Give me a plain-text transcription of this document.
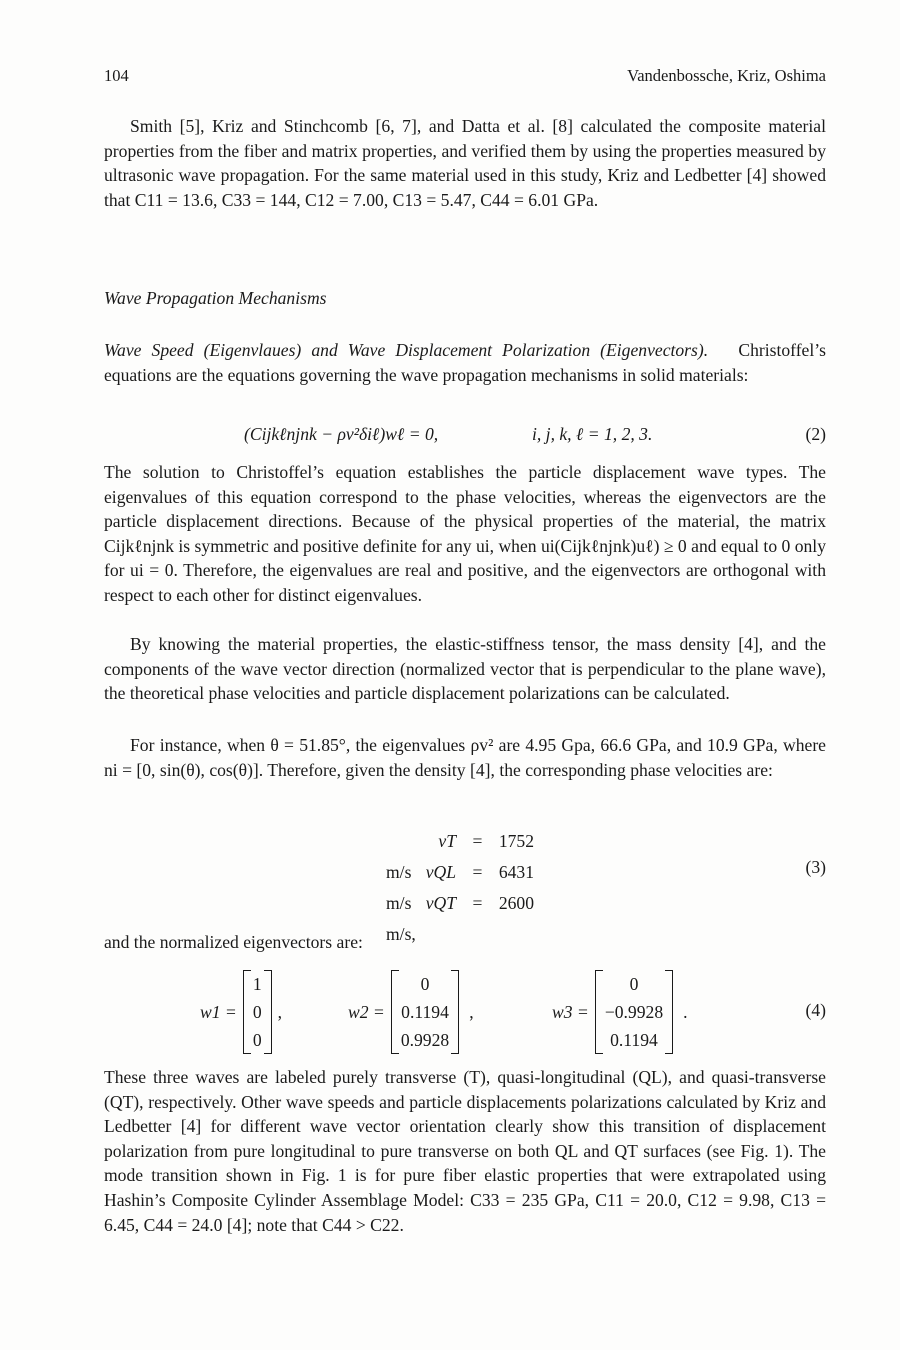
104	Vandenbossche, Kriz, Oshima

Smith [5], Kriz and Stinchcomb [6, 7], and Datta et al. [8] calculated the composite material properties from the fiber and matrix properties, and verified them by using the properties measured by ultrasonic wave propagation. For the same material used in this study, Kriz and Ledbetter [4] showed that C11 = 13.6, C33 = 144, C12 = 7.00, C13 = 5.47, C44 = 6.01 GPa.

Wave Propagation Mechanisms

Wave Speed (Eigenvlaues) and Wave Displacement Polarization (Eigenvectors). Christoffel’s equations are the equations governing the wave propagation mechanisms in solid materials:

(Cijkℓnjnk − ρv²δiℓ)wℓ = 0,	i, j, k, ℓ = 1, 2, 3.	(2)

The solution to Christoffel’s equation establishes the particle displacement wave types. The eigenvalues of this equation correspond to the phase velocities, whereas the eigenvectors are the particle displacement directions. Because of the physical properties of the material, the matrix Cijkℓnjnk is symmetric and positive definite for any ui, when ui(Cijkℓnjnk)uℓ) ≥ 0 and equal to 0 only for ui = 0. Therefore, the eigenvalues are real and positive, and the eigenvectors are orthogonal with respect to each other for distinct eigenvalues.

By knowing the material properties, the elastic-stiffness tensor, the mass density [4], and the components of the wave vector direction (normalized vector that is perpendicular to the plane wave), the theoretical phase velocities and particle displacement polarizations can be calculated.

For instance, when θ = 51.85°, the eigenvalues ρv² are 4.95 Gpa, 66.6 GPa, and 10.9 GPa, where ni = [0, sin(θ), cos(θ)]. Therefore, given the density [4], the corresponding phase velocities are:

vT = 1752 m/s vQL = 6431 m/s vQT = 2600 m/s,
(3)

and the normalized eigenvectors are:

w1 =
1
0
0
,	w2 =
0
0.1194
0.9928
,	w3 =
0
−0.9928
0.1194
.	(4)

These three waves are labeled purely transverse (T), quasi-longitudinal (QL), and quasi-transverse (QT), respectively. Other wave speeds and particle displacements polarizations calculated by Kriz and Ledbetter [4] for different wave vector orientation clearly show this transition of displacement polarization from pure longitudinal to pure transverse on both QL and QT surfaces (see Fig. 1). The mode transition shown in Fig. 1 is for pure fiber elastic properties that were extrapolated using Hashin’s Composite Cylinder Assemblage Model: C33 = 235 GPa, C11 = 20.0, C12 = 9.98, C13 = 6.45, C44 = 24.0 [4]; note that C44 > C22.
